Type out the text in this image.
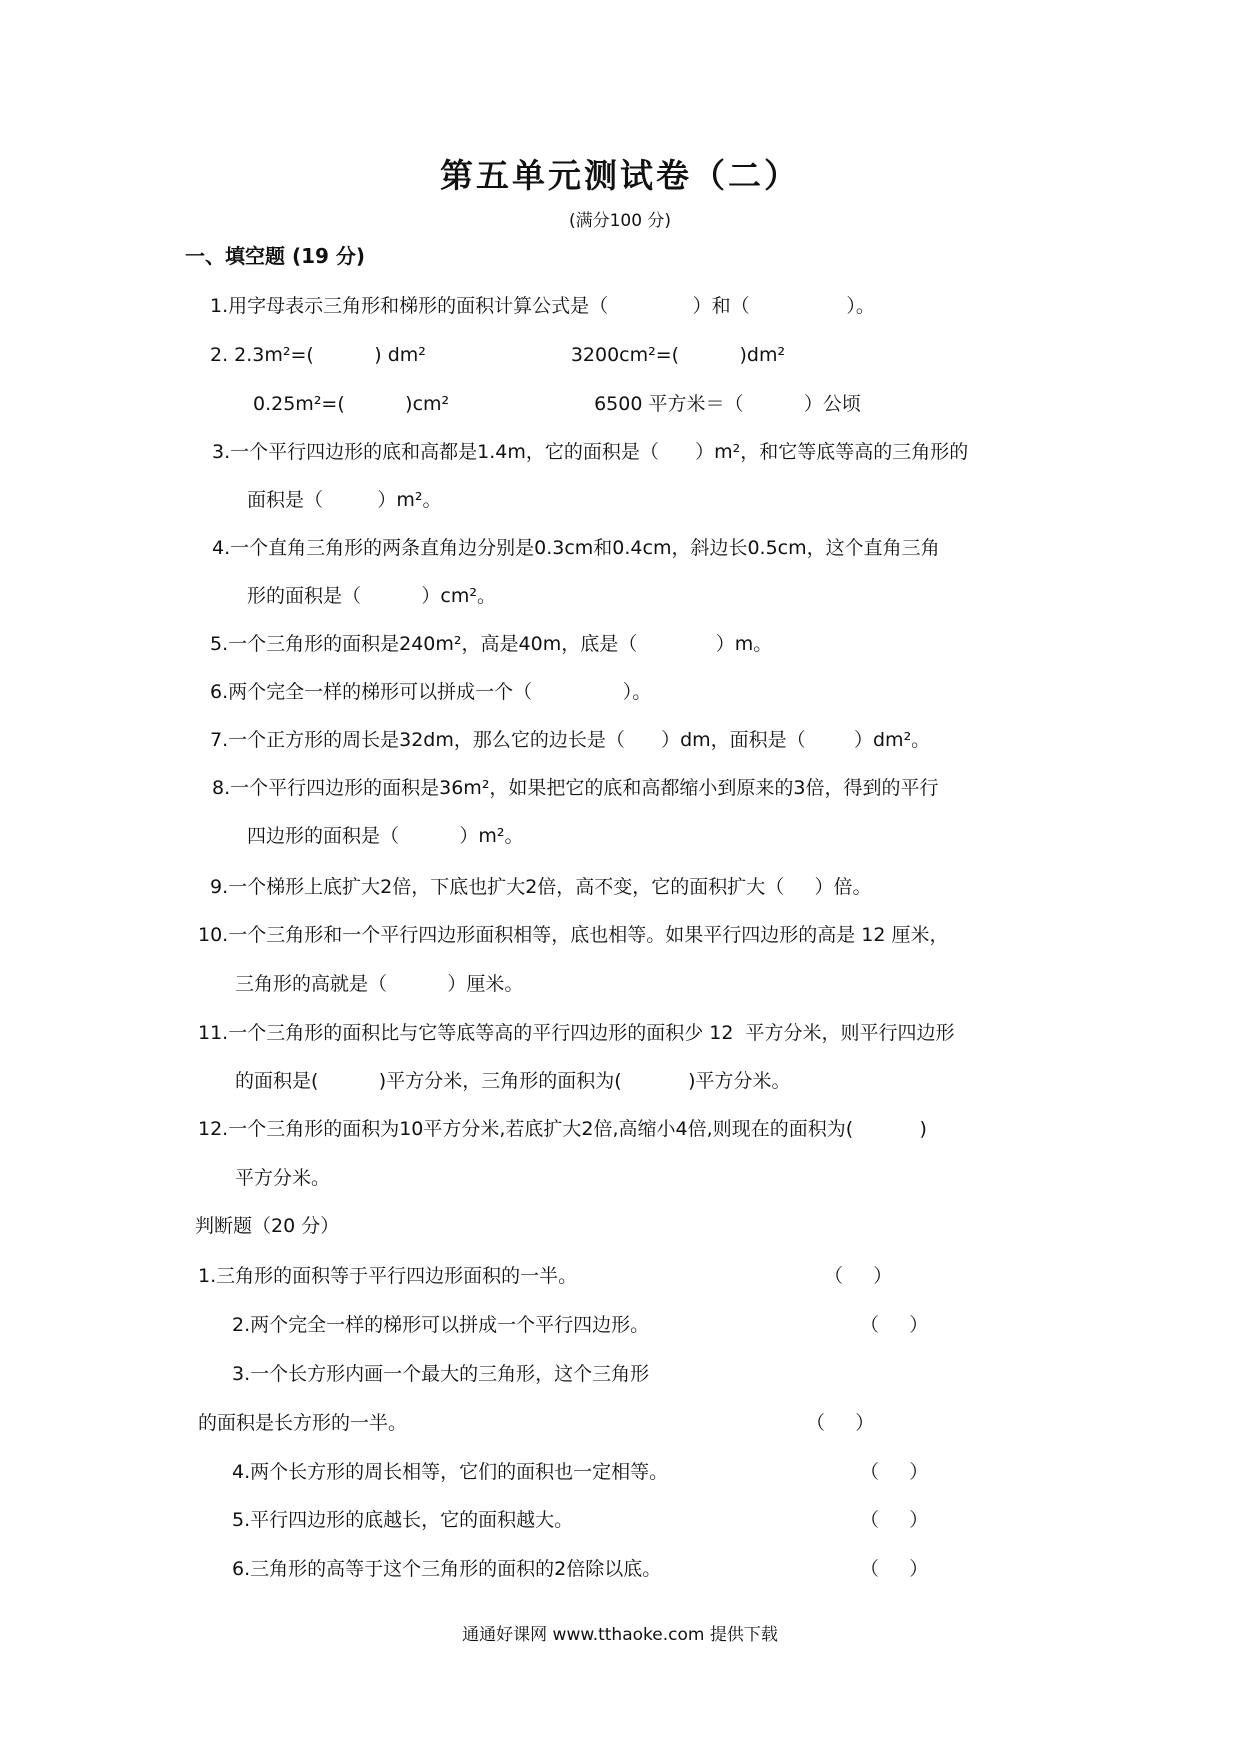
第五单元测试卷（二）
(满分100 分)
一、填空题 (19 分)
1.用字母表示三角形和梯形的面积计算公式是（              ）和（                ）。
2. 2.3m²=(          ) dm²                        3200cm²=(          )dm²
0.25m²=(          )cm²                        6500 平方米＝（          ）公顷
3.一个平行四边形的底和高都是1.4m，它的面积是（      ）m²，和它等底等高的三角形的
面积是（         ）m²。
4.一个直角三角形的两条直角边分别是0.3cm和0.4cm，斜边长0.5cm，这个直角三角
形的面积是（          ）cm²。
5.一个三角形的面积是240m²，高是40m，底是（             ）m。
6.两个完全一样的梯形可以拼成一个（               ）。
7.一个正方形的周长是32dm，那么它的边长是（      ）dm，面积是（        ）dm²。
8.一个平行四边形的面积是36m²，如果把它的底和高都缩小到原来的3倍，得到的平行
四边形的面积是（          ）m²。
9.一个梯形上底扩大2倍，下底也扩大2倍，高不变，它的面积扩大（     ）倍。
10.一个三角形和一个平行四边形面积相等，底也相等。如果平行四边形的高是 12 厘米，
三角形的高就是（          ）厘米。
11.一个三角形的面积比与它等底等高的平行四边形的面积少 12  平方分米，则平行四边形
的面积是(          )平方分米，三角形的面积为(           )平方分米。
12.一个三角形的面积为10平方分米,若底扩大2倍,高缩小4倍,则现在的面积为(           )
平方分米。
判断题（20 分）
1.三角形的面积等于平行四边形面积的一半。	（     ）
2.两个完全一样的梯形可以拼成一个平行四边形。	（     ）
3.一个长方形内画一个最大的三角形，这个三角形
的面积是长方形的一半。	（     ）
4.两个长方形的周长相等，它们的面积也一定相等。	（     ）
5.平行四边形的底越长，它的面积越大。	（     ）
6.三角形的高等于这个三角形的面积的2倍除以底。	（     ）
通通好课网 www.tthaoke.com 提供下载
